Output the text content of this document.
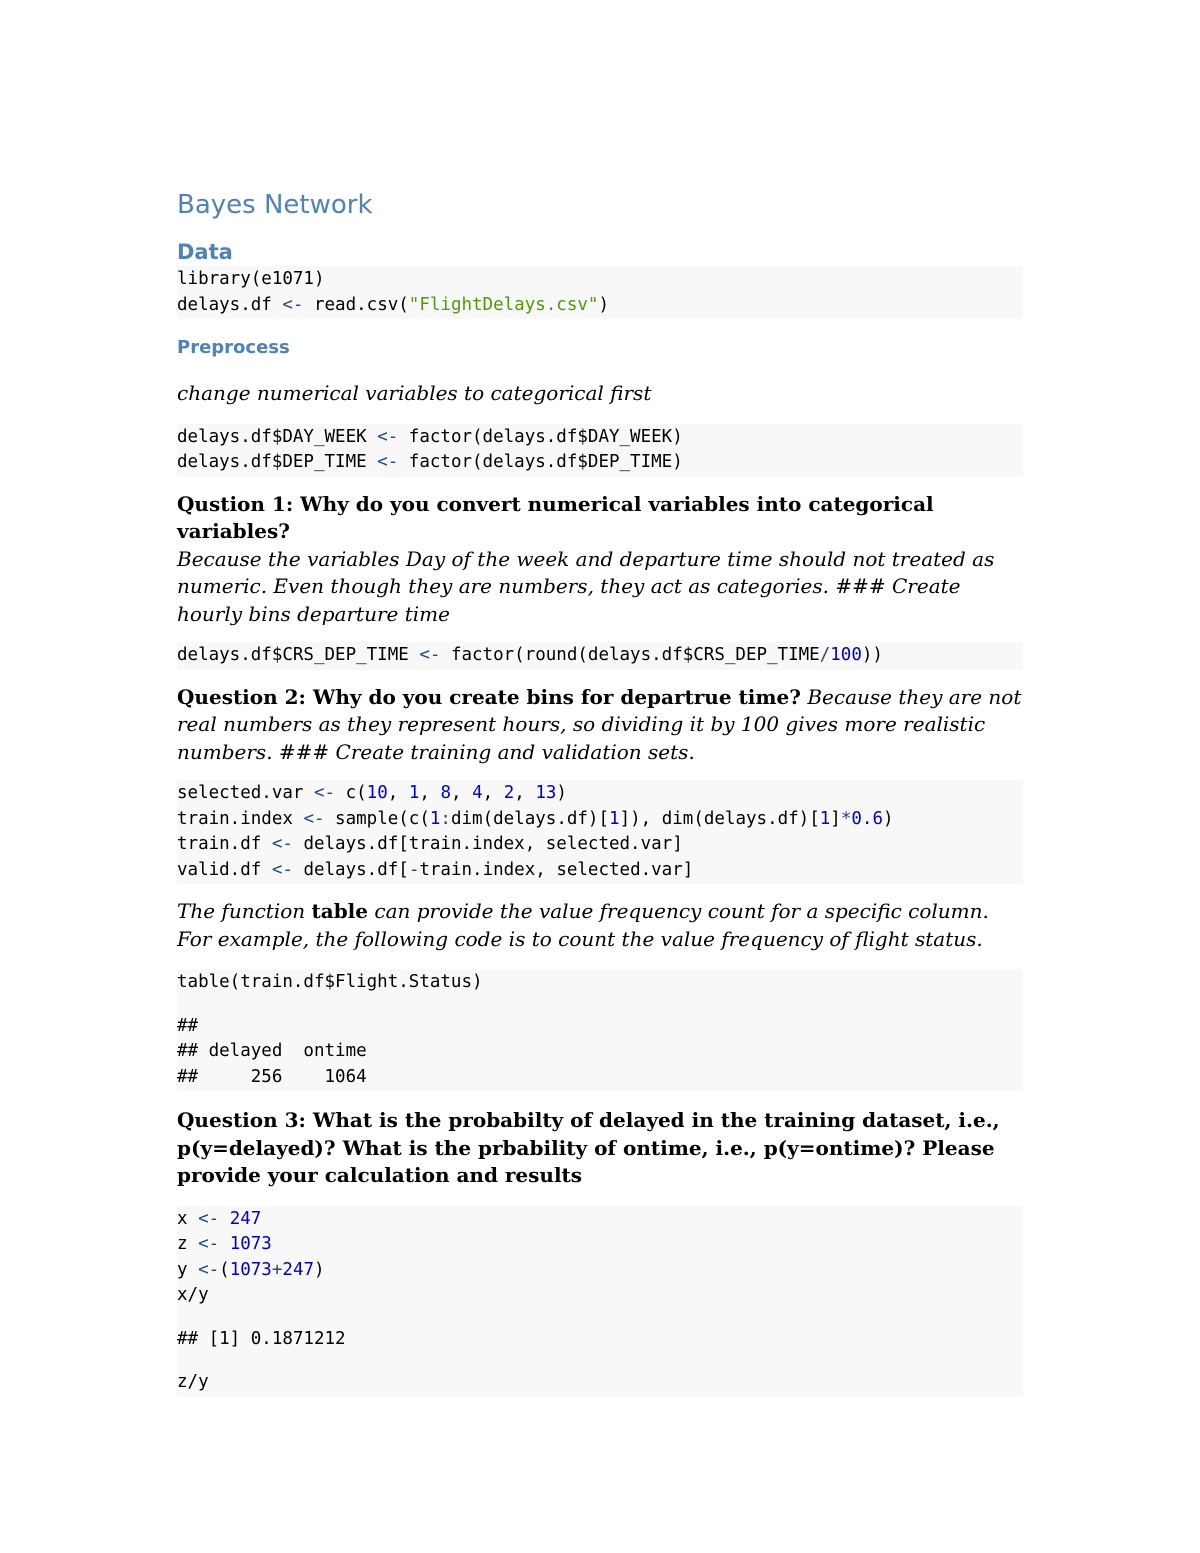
Bayes Network
Data
library(e1071)
delays.df <- read.csv("FlightDelays.csv")
Preprocess

change numerical variables to categorical first

delays.df$DAY_WEEK <- factor(delays.df$DAY_WEEK)
delays.df$DEP_TIME <- factor(delays.df$DEP_TIME)

Qustion 1: Why do you convert numerical variables into categorical variables?
Because the variables Day of the week and departure time should not treated as numeric. Even though they are numbers, they act as categories. ### Create hourly bins departure time

delays.df$CRS_DEP_TIME <- factor(round(delays.df$CRS_DEP_TIME/100))

Question 2: Why do you create bins for departrue time? Because they are not real numbers as they represent hours, so dividing it by 100 gives more realistic numbers. ### Create training and validation sets.

selected.var <- c(10, 1, 8, 4, 2, 13)
train.index <- sample(c(1:dim(delays.df)[1]), dim(delays.df)[1]*0.6)
train.df <- delays.df[train.index, selected.var]
valid.df <- delays.df[-train.index, selected.var]

The function table can provide the value frequency count for a specific column. For example, the following code is to count the value frequency of flight status.

table(train.df$Flight.Status)
##
## delayed  ontime
##     256    1064

Question 3: What is the probabilty of delayed in the training dataset, i.e., p(y=delayed)? What is the prbability of ontime, i.e., p(y=ontime)? Please provide your calculation and results

x <- 247
z <- 1073
y <-(1073+247)
x/y
## [1] 0.1871212
z/y
